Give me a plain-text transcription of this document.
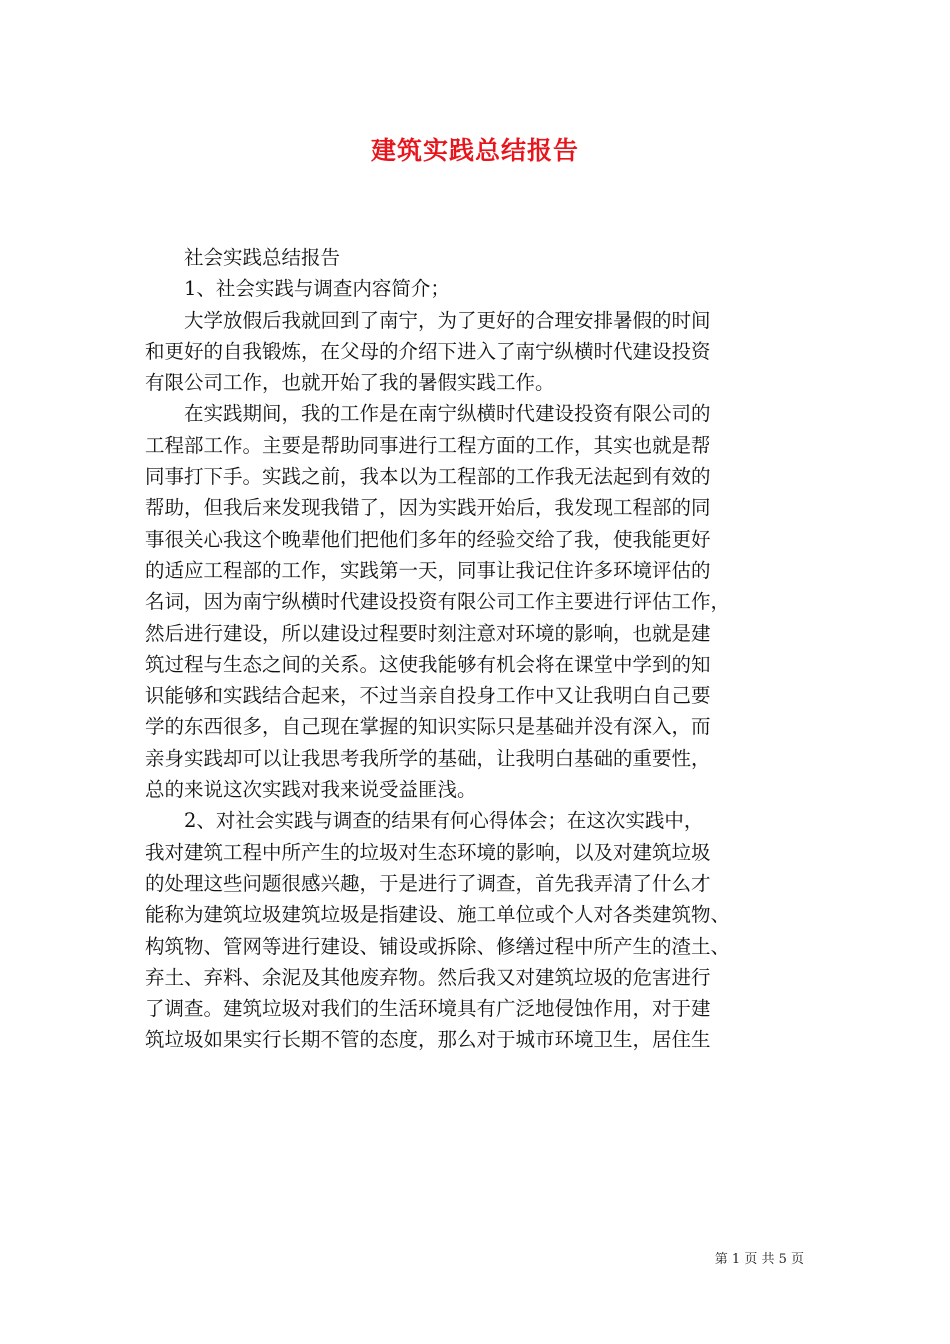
建筑实践总结报告
　　社会实践总结报告
　　1、社会实践与调查内容简介；
　　大学放假后我就回到了南宁，为了更好的合理安排暑假的时间
和更好的自我锻炼，在父母的介绍下进入了南宁纵横时代建设投资
有限公司工作，也就开始了我的暑假实践工作。
　　在实践期间，我的工作是在南宁纵横时代建设投资有限公司的
工程部工作。主要是帮助同事进行工程方面的工作，其实也就是帮
同事打下手。实践之前，我本以为工程部的工作我无法起到有效的
帮助，但我后来发现我错了，因为实践开始后，我发现工程部的同
事很关心我这个晚辈他们把他们多年的经验交给了我，使我能更好
的适应工程部的工作，实践第一天，同事让我记住许多环境评估的
名词，因为南宁纵横时代建设投资有限公司工作主要进行评估工作，
然后进行建设，所以建设过程要时刻注意对环境的影响，也就是建
筑过程与生态之间的关系。这使我能够有机会将在课堂中学到的知
识能够和实践结合起来，不过当亲自投身工作中又让我明白自己要
学的东西很多，自己现在掌握的知识实际只是基础并没有深入，而
亲身实践却可以让我思考我所学的基础，让我明白基础的重要性，
总的来说这次实践对我来说受益匪浅。
　　2、对社会实践与调查的结果有何心得体会；在这次实践中，
我对建筑工程中所产生的垃圾对生态环境的影响，以及对建筑垃圾
的处理这些问题很感兴趣，于是进行了调查，首先我弄清了什么才
能称为建筑垃圾建筑垃圾是指建设、施工单位或个人对各类建筑物、
构筑物、管网等进行建设、铺设或拆除、修缮过程中所产生的渣土、
弃土、弃料、余泥及其他废弃物。然后我又对建筑垃圾的危害进行
了调查。建筑垃圾对我们的生活环境具有广泛地侵蚀作用，对于建
筑垃圾如果实行长期不管的态度，那么对于城市环境卫生，居住生
第 1 页 共 5 页
